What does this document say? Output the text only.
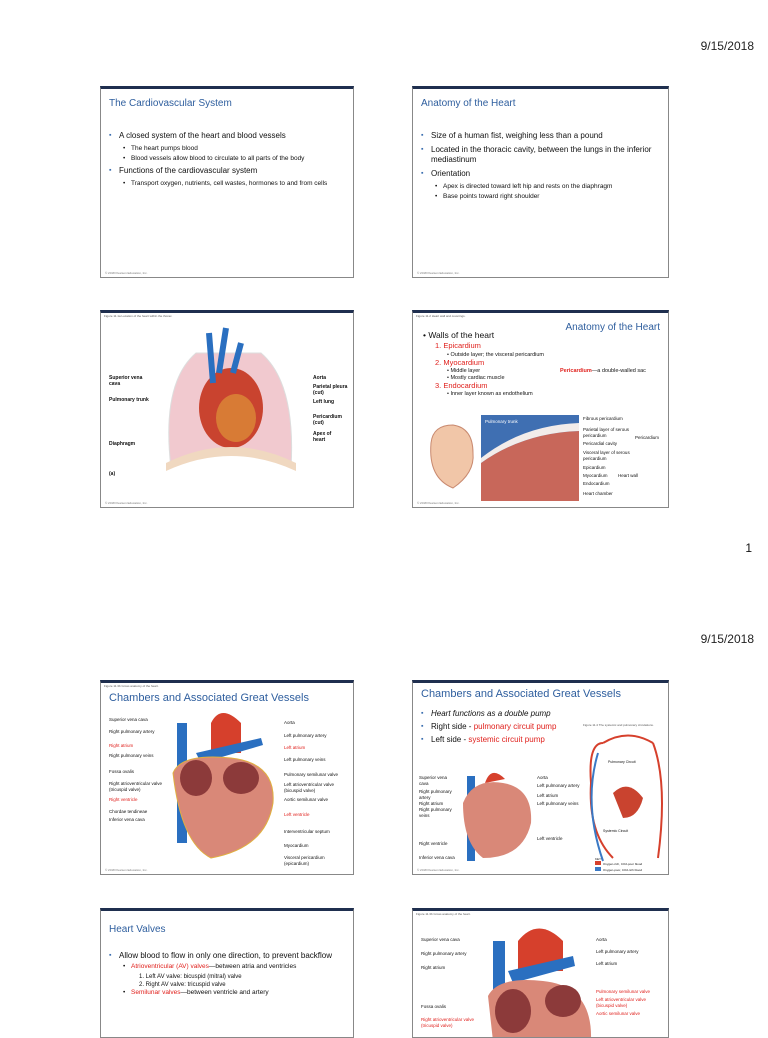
9/15/2018
The Cardiovascular System
▪ A closed system of the heart and blood vessels
• The heart pumps blood
• Blood vessels allow blood to circulate to all parts of the body
▪ Functions of the cardiovascular system
• Transport oxygen, nutrients, cell wastes, hormones to and from cells
© 2018 Pearson Education, Inc.
Anatomy of the Heart
▪ Size of a human fist, weighing less than a pound
▪ Located in the thoracic cavity, between the lungs in the inferior mediastinum
▪ Orientation
• Apex is directed toward left hip and rests on the diaphragm
• Base points toward right shoulder
© 2018 Pearson Education, Inc.
Figure 11.1a Location of the heart within the thorax.
Superior vena cava
Pulmonary trunk
Diaphragm
(a)
Aorta
Parietal pleura (cut)
Left lung
Pericardium (cut)
Apex of heart
© 2018 Pearson Education, Inc.
Figure 11.2 Heart wall and coverings.
Anatomy of the Heart
• Walls of the heart
1. Epicardium
• Outside layer; the visceral pericardium
2. Myocardium
• Middle layer
• Mostly cardiac muscle
3. Endocardium
• Inner layer known as endothelium
Pericardium—a double-walled sac
Pulmonary trunk
Fibrous pericardium
Parietal layer of serous pericardium
Pericardial cavity
Visceral layer of serous pericardium
Pericardium
Epicardium
Myocardium
Endocardium
Heart wall
Heart chamber
© 2018 Pearson Education, Inc.
1
9/15/2018
Figure 11.3b Gross anatomy of the heart.
Chambers and Associated Great Vessels
Superior vena cava
Right pulmonary artery
Right atrium
Right pulmonary veins
Fossa ovalis
Right atrioventricular valve (tricuspid valve)
Right ventricle
Chordae tendineae
Inferior vena cava
Aorta
Left pulmonary artery
Left atrium
Left pulmonary veins
Pulmonary semilunar valve
Left atrioventricular valve (bicuspid valve)
Aortic semilunar valve
Left ventricle
Interventricular septum
Myocardium
Visceral pericardium (epicardium)
© 2018 Pearson Education, Inc.
Chambers and Associated Great Vessels
▪ Heart functions as a double pump
▪ Right side - pulmonary circuit pump
▪ Left side - systemic circuit pump
Figure 11.4 The systemic and pulmonary circulations.
Superior vena cava
Right pulmonary artery
Right atrium
Right pulmonary veins
Right ventricle
Inferior vena cava
Aorta
Left pulmonary artery
Left atrium
Left pulmonary veins
Left ventricle
Pulmonary Circuit
Systemic Circuit
KEY:
Oxygen-rich, CO2-poor blood
Oxygen-poor, CO2-rich blood
© 2018 Pearson Education, Inc.
Heart Valves
▪ Allow blood to flow in only one direction, to prevent backflow
• Atrioventricular (AV) valves—between atria and ventricles
1. Left AV valve: bicuspid (mitral) valve
2. Right AV valve: tricuspid valve
• Semilunar valves—between ventricle and artery
Figure 11.3b Gross anatomy of the heart.
Superior vena cava
Right pulmonary artery
Right atrium
Fossa ovalis
Right atrioventricular valve (tricuspid valve)
Aorta
Left pulmonary artery
Left atrium
Pulmonary semilunar valve
Left atrioventricular valve (bicuspid valve)
Aortic semilunar valve
